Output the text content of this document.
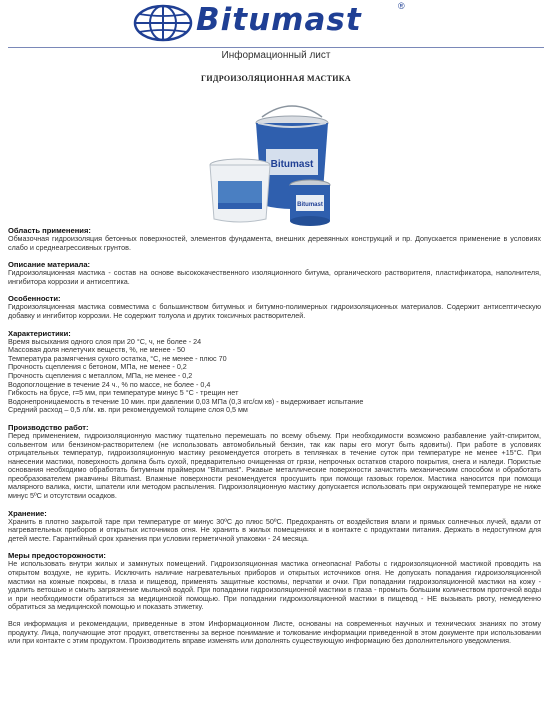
Bitumast	®
Информационный лист
ГИДРОИЗОЛЯЦИОННАЯ МАСТИКА
Bitumast
Bitumast
Область применения:

Обмазочная гидроизоляция бетонных поверхностей, элементов фундамента, внешних деревянных конструкций и пр. Допускается применение в условиях слабо и среднеагрессивных грунтов.

Описание материала:

Гидроизоляционная мастика - состав на основе высококачественного изоляционного битума, органического растворителя, пластификатора, наполнителя, ингибитора коррозии и антисептика.

Особенности:

Гидроизоляционная мастика совместима с большинством битумных и битумно-полимерных гидроизоляционных материалов. Содержит антисептическую добавку и ингибитор коррозии. Не содержит толуола и других токсичных растворителей.

Характеристики:

Время высыхания одного слоя при 20 °С, ч, не более - 24
Массовая доля нелетучих веществ, %, не менее - 50
Температура размягчения сухого остатка, °С, не менее - плюс 70
Прочность сцепления с бетоном, МПа, не менее - 0,2
Прочность сцепления с металлом, МПа, не менее - 0,2
Водопоглощение в течение 24 ч., % по массе, не более - 0,4
Гибкость на брусе, r=5 мм, при температуре минус 5 °С - трещин нет
Водонепроницаемость в течение 10 мин. при давлении 0,03 МПа (0,3 кгс/см кв) - выдерживает испытание
Средний расход – 0,5 л/м. кв. при рекомендуемой толщине слоя 0,5 мм

Производство работ:

Перед применением, гидроизоляционную мастику тщательно перемешать по всему объему. При необходимости возможно разбавление уайт-спиритом, сольвентом или бензином-растворителем (не использовать автомобильный бензин, так как пары его могут быть ядовиты). При работе в условиях отрицательных температур, гидроизоляционную мастику рекомендуется отогреть в теплянках в течение суток при температуре не менее +15°С. При нанесении мастики, поверхность должна быть сухой, предварительно очищенная от грязи, непрочных остатков старого покрытия, снега и наледи. Пористые основания необходимо обработать битумным праймером "Bitumast". Ржавые металлические поверхности зачистить механическим способом и обработать преобразователем ржавчины Bitumast. Влажные поверхности рекомендуется просушить при помощи газовых горелок. Мастика наносится при помощи малярного валика, кисти, шпатели или методом распыления. Гидроизоляционную мастику допускается использовать при окружающей температуре не ниже минус 5ºС и отсутствии осадков.

Хранение:

Хранить в плотно закрытой таре при температуре от минус 30ºС до плюс 50ºС. Предохранять от воздействия влаги и прямых солнечных лучей, вдали от нагревательных приборов и открытых источников огня. Не хранить в жилых помещениях и в контакте с продуктами питания. Держать в недоступном для детей месте. Гарантийный срок хранения при условии герметичной упаковки - 24 месяца.

Меры предосторожности:

Не использовать внутри жилых и замкнутых помещений. Гидроизоляционная мастика огнеопасна! Работы с гидроизоляционной мастикой проводить на открытом воздухе, не курить. Исключить наличие нагревательных приборов и открытых источников огня. Не допускать попадания гидроизоляционной мастики на кожные покровы, в глаза и пищевод, применять защитные костюмы, перчатки и очки. При попадании гидроизоляционной мастики на кожу - удалить ветошью и смыть загрязнение мыльной водой. При попадании гидроизоляционной мастики в глаза - промыть большим количеством проточной воды и при необходимости обратиться за медицинской помощью. При попадании гидроизоляционной мастики в пищевод - НЕ вызывать рвоту, немедленно обратиться за медицинской помощью и показать этикетку.

Вся информация и рекомендации, приведенные в этом Информационном Листе, основаны на современных научных и технических знаниях по этому продукту. Лица, получающие этот продукт, ответственны за верное понимание и толкование информации приведенной в этом документе при использовании или при контакте с этим продуктом. Производитель вправе изменять или дополнять существующую информацию без дополнительного уведомления.
